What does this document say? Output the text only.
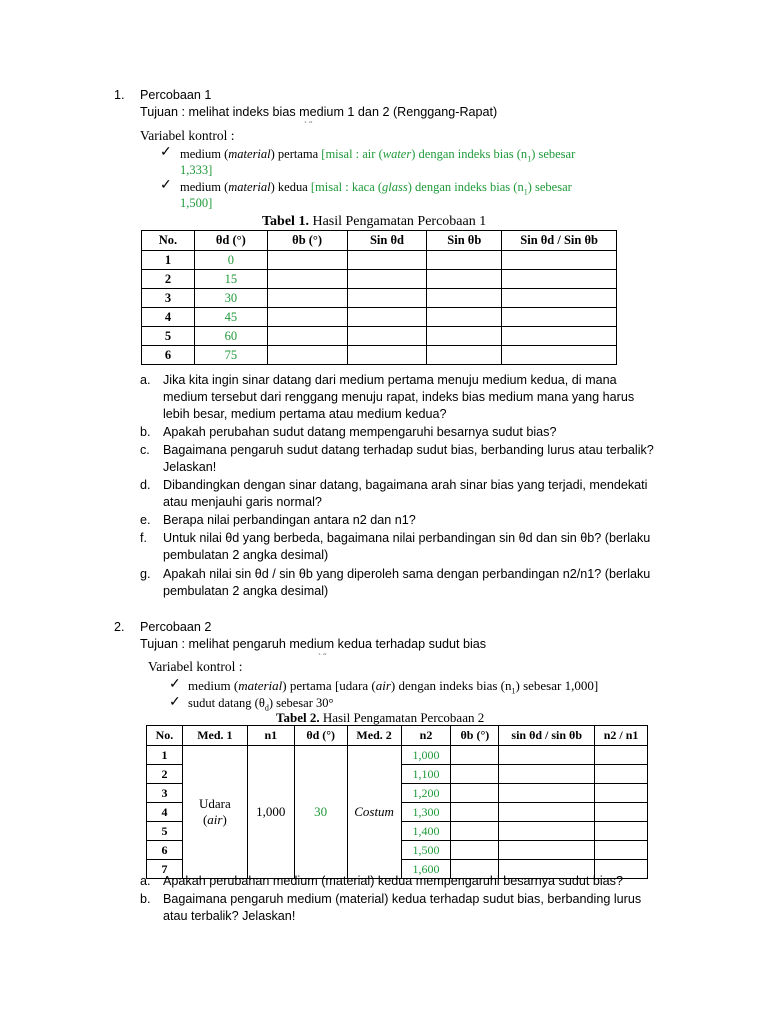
1. Percobaan 1
Tujuan : melihat indeks bias medium 1 dan 2 (Renggang-Rapat)
` ˝
Variabel kontrol :
✓ medium (material) pertama [misal : air (water) dengan indeks bias $(n_1)$ sebesar
1,333]
✓ medium (material) kedua [misal : kaca (glass) dengan indeks bias $(n_1)$ sebesar
1,500]
Tabel 1. Hasil Pengamatan Percobaan 1
No.	θd (°)	θb (°)	Sin θd	Sin θb	Sin θd / Sin θb
1	0				
2	15				
3	30				
4	45				
5	60				
6	75				
a. Jika kita ingin sinar datang dari medium pertama menuju medium kedua, di mana
medium tersebut dari renggang menuju rapat, indeks bias medium mana yang harus
lebih besar, medium pertama atau medium kedua?
b. Apakah perubahan sudut datang mempengaruhi besarnya sudut bias?
c. Bagaimana pengaruh sudut datang terhadap sudut bias, berbanding lurus atau terbalik?
Jelaskan!
d. Dibandingkan dengan sinar datang, bagaimana arah sinar bias yang terjadi, mendekati
atau menjauhi garis normal?
e. Berapa nilai perbandingan antara n2 dan n1?
f. Untuk nilai θd yang berbeda, bagaimana nilai perbandingan sin θd dan sin θb? (berlaku
pembulatan 2 angka desimal)
g. Apakah nilai sin θd / sin θb yang diperoleh sama dengan perbandingan n2/n1? (berlaku
pembulatan 2 angka desimal)
2. Percobaan 2
Tujuan : melihat pengaruh medium kedua terhadap sudut bias
` ˝
Variabel kontrol :
✓ medium (material) pertama [udara (air) dengan indeks bias $(n_1)$ sebesar 1,000]
✓ sudut datang $(\theta_d)$ sebesar 30°
Tabel 2. Hasil Pengamatan Percobaan 2
No.	Med. 1	n1	θd (°)	Med. 2	n2	θb (°)	sin θd / sin θb	n2 / n1
1	Udara
(air)	1,000	30	Costum	1,000			
2					1,100			
3					1,200			
4					1,300			
5					1,400			
6					1,500			
7					1,600			
a. Apakah perubahan medium (material) kedua mempengaruhi besarnya sudut bias?
b. Bagaimana pengaruh medium (material) kedua terhadap sudut bias, berbanding lurus
atau terbalik? Jelaskan!
